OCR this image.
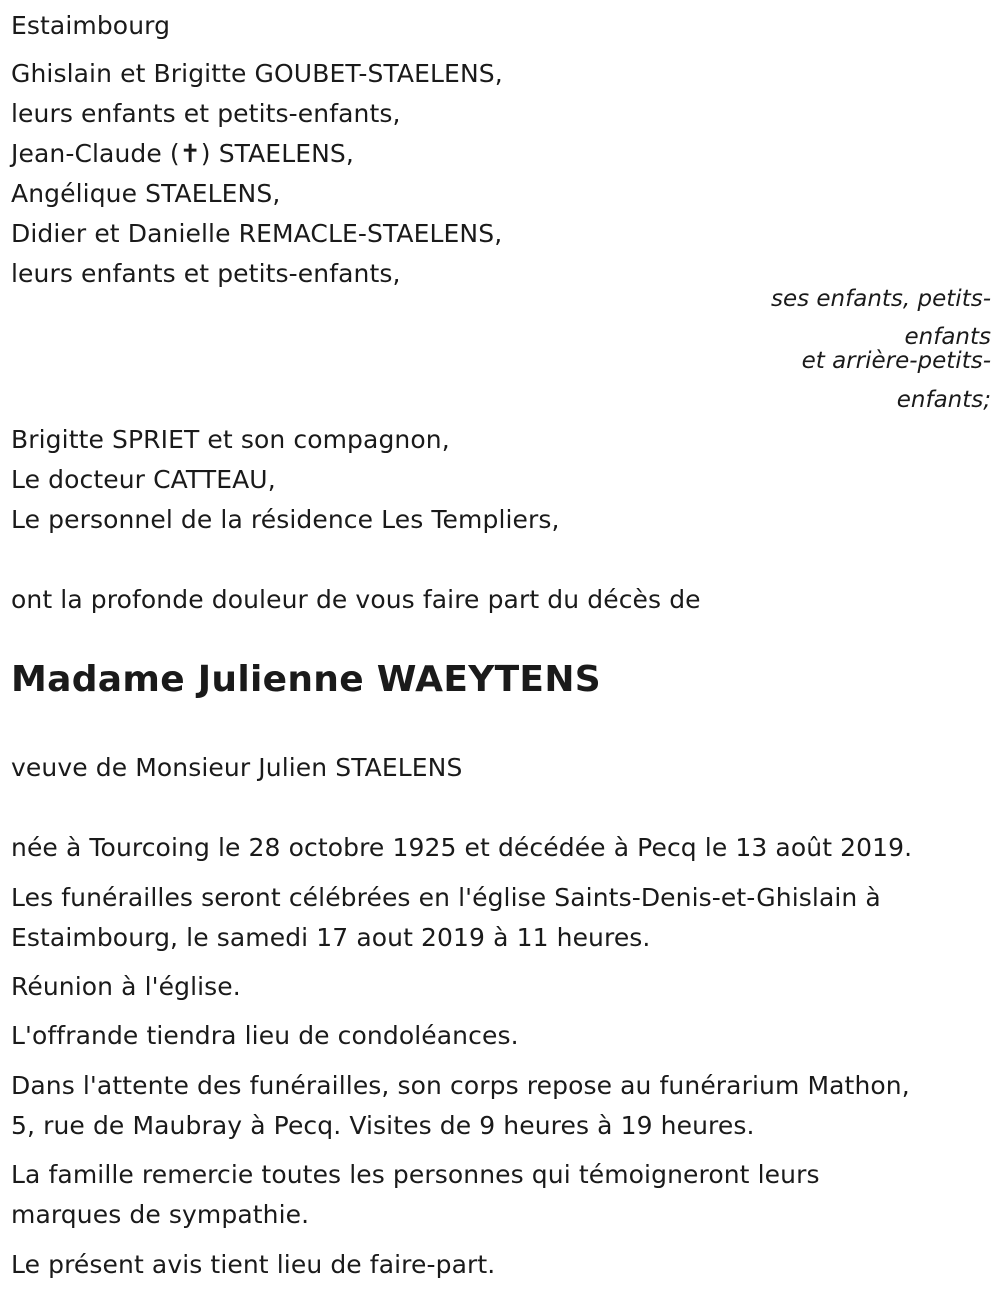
Estaimbourg
Ghislain et Brigitte GOUBET-STAELENS,
leurs enfants et petits-enfants,
Jean-Claude (✝) STAELENS,
Angélique STAELENS,
Didier et Danielle REMACLE-STAELENS,
leurs enfants et petits-enfants,
ses enfants, petits-
enfants
et arrière-petits-
enfants;
Brigitte SPRIET et son compagnon,
Le docteur CATTEAU,
Le personnel de la résidence Les Templiers,
ont la profonde douleur de vous faire part du décès de
Madame Julienne WAEYTENS
veuve de Monsieur Julien STAELENS
née à Tourcoing le 28 octobre 1925 et décédée à Pecq le 13 août 2019.
Les funérailles seront célébrées en l'église Saints-Denis-et-Ghislain à
Estaimbourg, le samedi 17 aout 2019 à 11 heures.
Réunion à l'église.
L'offrande tiendra lieu de condoléances.
Dans l'attente des funérailles, son corps repose au funérarium Mathon,
5, rue de Maubray à Pecq. Visites de 9 heures à 19 heures.
La famille remercie toutes les personnes qui témoigneront leurs
marques de sympathie.
Le présent avis tient lieu de faire-part.
